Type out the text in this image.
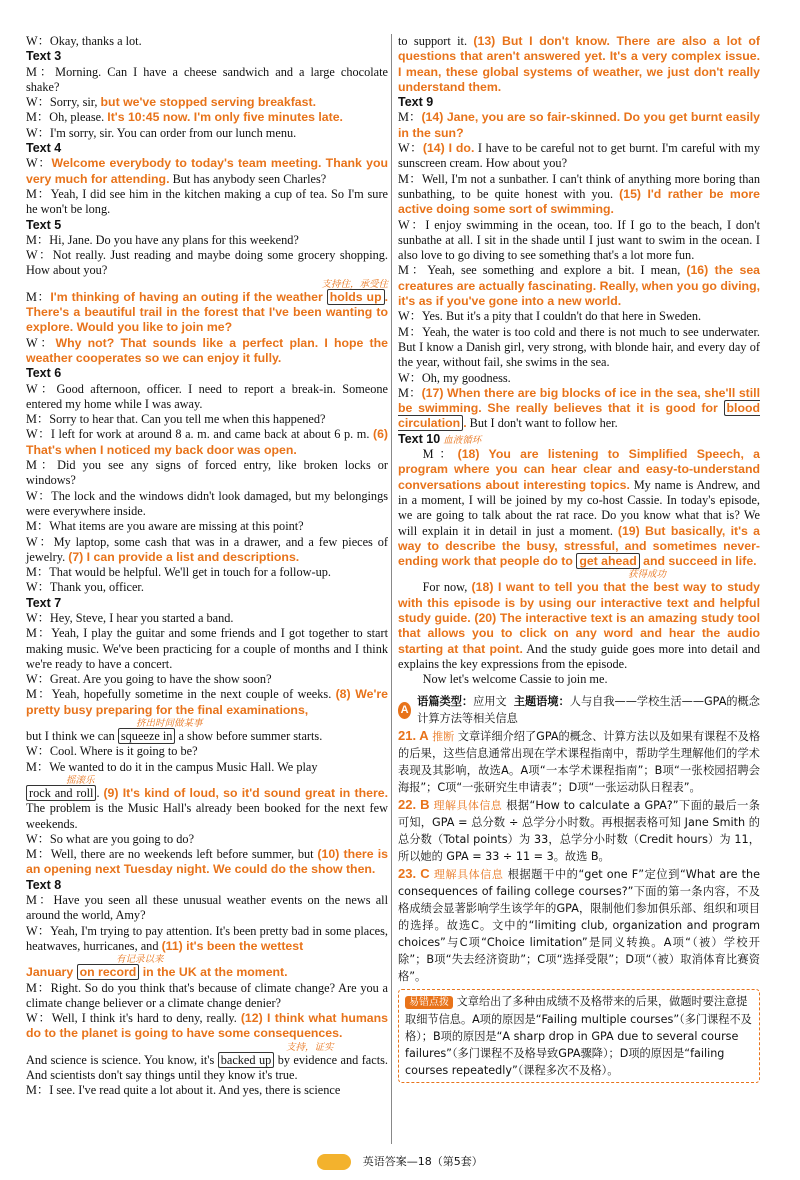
W：Okay, thanks a lot.

Text 3

M：Morning. Can I have a cheese sandwich and a large chocolate shake?

W：Sorry, sir, but we've stopped serving breakfast.

M：Oh, please. It's 10:45 now. I'm only five minutes late.

W：I'm sorry, sir. You can order from our lunch menu.

Text 4

W：Welcome everybody to today's team meeting. Thank you very much for attending. But has anybody seen Charles?

M：Yeah, I did see him in the kitchen making a cup of tea. So I'm sure he won't be long.

Text 5

M：Hi, Jane. Do you have any plans for this weekend?

W：Not really. Just reading and maybe doing some grocery shopping. How about you?

支持住，承受住

M：I'm thinking of having an outing if the weather holds up . There's a beautiful trail in the forest that I've been wanting to explore. Would you like to join me?

W：Why not? That sounds like a perfect plan. I hope the weather cooperates so we can enjoy it fully.

Text 6

W：Good afternoon, officer. I need to report a break-in. Someone entered my home while I was away.

M：Sorry to hear that. Can you tell me when this happened?

W：I left for work at around 8 a. m. and came back at about 6 p. m. (6) That's when I noticed my back door was open.

M：Did you see any signs of forced entry, like broken locks or windows?

W：The lock and the windows didn't look damaged, but my belongings were everywhere inside.

M：What items are you aware are missing at this point?

W：My laptop, some cash that was in a drawer, and a few pieces of jewelry. (7) I can provide a list and descriptions.

M：That would be helpful. We'll get in touch for a follow-up.

W：Thank you, officer.

Text 7

W：Hey, Steve, I hear you started a band.

M：Yeah, I play the guitar and some friends and I got together to start making music. We've been practicing for a couple of months and I think we're ready to have a concert.

W：Great. Are you going to have the show soon?

M：Yeah, hopefully sometime in the next couple of weeks. (8) We're pretty busy preparing for the final examinations,

挤出时间做某事

but I think we can squeeze in a show before summer starts.

W：Cool. Where is it going to be?

M：We wanted to do it in the campus Music Hall. We play

摇滚乐

rock and roll . (9) It's kind of loud, so it'd sound great in there. The problem is the Music Hall's already been booked for the next few weekends.

W：So what are you going to do?

M：Well, there are no weekends left before summer, but (10) there is an opening next Tuesday night. We could do the show then.

Text 8

M：Have you seen all these unusual weather events on the news all around the world, Amy?

W：Yeah, I'm trying to pay attention. It's been pretty bad in some places, heatwaves, hurricanes, and (11) it's been the wettest

有记录以来

January on record in the UK at the moment.

M：Right. So do you think that's because of climate change? Are you a climate change believer or a climate change denier?

W：Well, I think it's hard to deny, really. (12) I think what humans do to the planet is going to have some consequences.

支持，证实

And science is science. You know, it's backed up by evidence and facts. And scientists don't say things until they know it's true.

M：I see. I've read quite a lot about it. And yes, there is science

to support it. (13) But I don't know. There are also a lot of questions that aren't answered yet. It's a very complex issue. I mean, these global systems of weather, we just don't really understand them.

Text 9

M：(14) Jane, you are so fair-skinned. Do you get burnt easily in the sun?

W：(14) I do. I have to be careful not to get burnt. I'm careful with my sunscreen cream. How about you?

M：Well, I'm not a sunbather. I can't think of anything more boring than sunbathing, to be quite honest with you. (15) I'd rather be more active doing some sort of swimming.

W：I enjoy swimming in the ocean, too. If I go to the beach, I don't sunbathe at all. I sit in the shade until I just want to swim in the ocean. I also love to go diving to see something that's a lot more fun.

M：Yeah, see something and explore a bit. I mean, (16) the sea creatures are actually fascinating. Really, when you go diving, it's as if you've gone into a new world.

W：Yes. But it's a pity that I couldn't do that here in Sweden.

M：Yeah, the water is too cold and there is not much to see underwater. But I know a Danish girl, very strong, with blonde hair, and every day of the year, without fail, she swims in the sea.

W：Oh, my goodness.

M：(17) When there are big blocks of ice in the sea, she'll still be swimming. She really believes that it is good for blood circulation . But I don't want to follow her.

Text 10 血液循环

M：(18) You are listening to Simplified Speech, a program where you can hear clear and easy-to-understand conversations about interesting topics. My name is Andrew, and in a moment, I will be joined by my co-host Cassie. In today's episode, we are going to talk about the rat race. Do you know what that is? We will explain it in detail in just a moment. (19) But basically, it's a way to describe the busy, stressful, and sometimes never-ending work that people do to get ahead and succeed in life.

获得成功

For now, (18) I want to tell you that the best way to study with this episode is by using our interactive text and helpful study guide. (20) The interactive text is an amazing study tool that allows you to click on any word and hear the audio starting at that point. And the study guide goes more into detail and explains the key expressions from the episode.

Now let's welcome Cassie to join me.

A
语篇类型：应用文 主题语境：人与自我——学校生活——GPA的概念计算方法等相关信息

21. A 推断 文章详细介绍了GPA的概念、计算方法以及如果有课程不及格的后果，这些信息通常出现在学术课程指南中，帮助学生理解他们的学术表现及其影响，故选A。A项“一本学术课程指南”；B项“一张校园招聘会海报”；C项“一张研究生申请表”；D项“一张运动队日程表”。

22. B 理解具体信息 根据“How to calculate a GPA?”下面的最后一条可知，GPA = 总分数 ÷ 总学分小时数。再根据表格可知 Jane Smith 的总分数（Total points）为 33，总学分小时数（Credit hours）为 11，所以她的 GPA = 33 ÷ 11 = 3。故选 B。

23. C 理解具体信息 根据题干中的“get one F”定位到“What are the consequences of failing college courses?”下面的第一条内容，不及格成绩会显著影响学生该学年的GPA，限制他们参加俱乐部、组织和项目的选择。故选C。文中的“limiting club, organization and program choices”与C项“Choice limitation”是同义转换。A项“（被）学校开除”；B项“失去经济资助”；C项“选择受限”；D项“（被）取消体育比赛资格”。

易错点拨 文章给出了多种由成绩不及格带来的后果，做题时要注意提取细节信息。A项的原因是“Failing multiple courses”（多门课程不及格）；B项的原因是“A sharp drop in GPA due to several course failures”（多门课程不及格导致GPA骤降）；D项的原因是“failing courses repeatedly”（课程多次不及格）。
英语答案—18（第5套）
